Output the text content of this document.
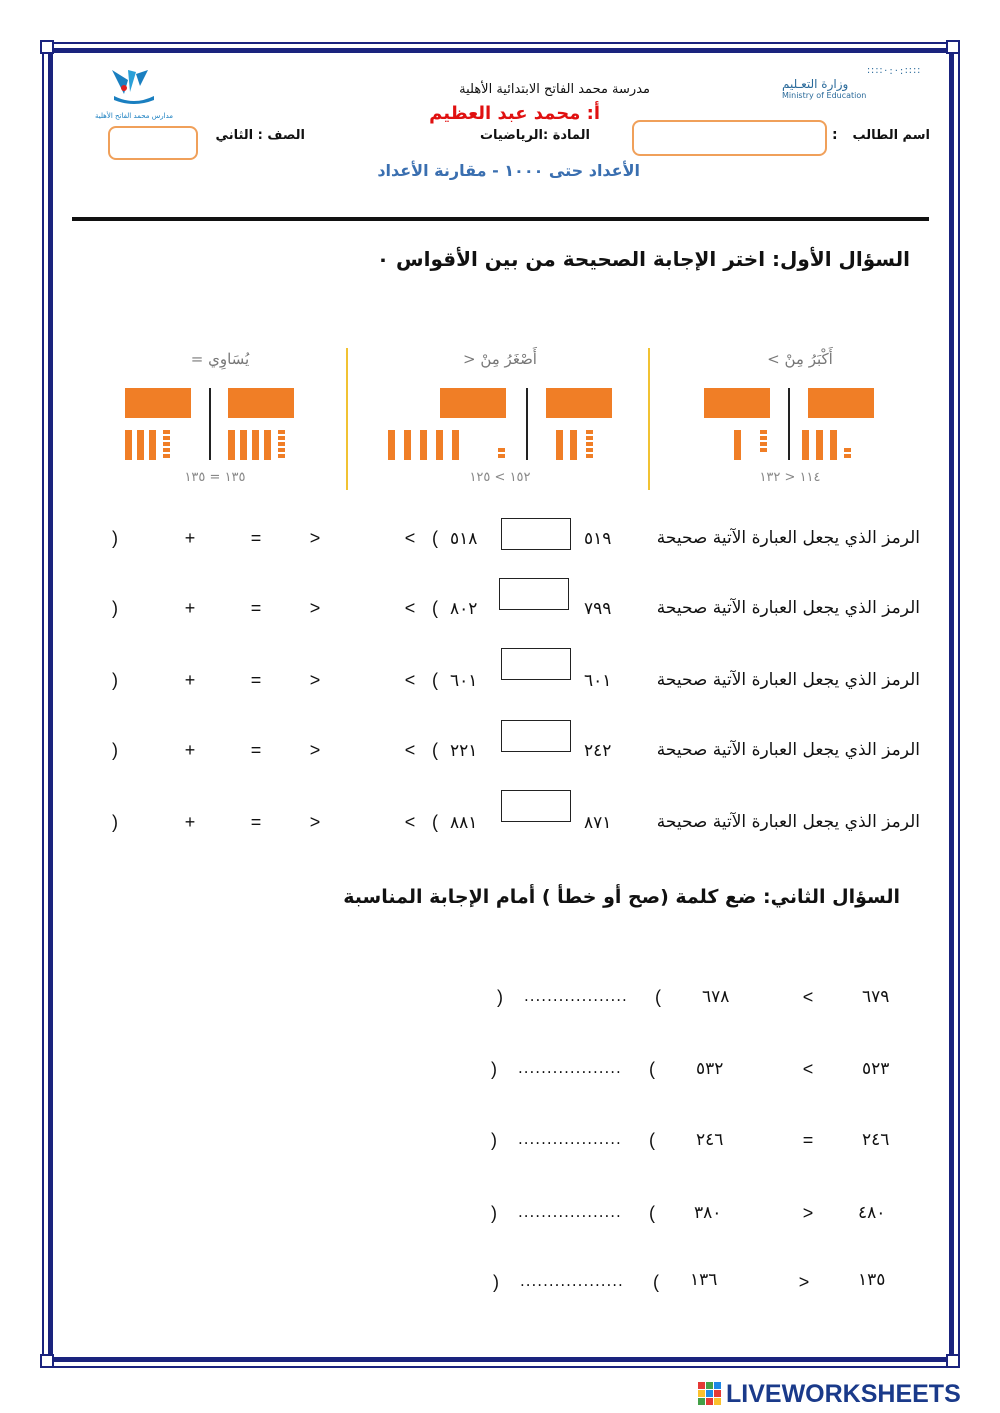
∷∷·:·:∷∷
وزارة التعـليم
Ministry of Education
مدارس محمد الفاتح الأهلية
مدرسة محمد الفاتح الابتدائية الأهلية
أ: محمد عبد العظيم
المادة :الرياضيات	اسم الطالب
:
الصف : الثاني
الأعداد حتى ١٠٠٠ - مقارنة الأعداد
السؤال الأول: اختر الإجابة الصحيحة من بين الأقواس ٠
يُسَاوِي =
١٣٥ = ١٣٥
أَصْغَرُ مِنْ <
١٥٢ > ١٢٥
أَكْبَرُ مِنْ >
١١٤ < ١٣٢
الرمز الذي يجعل العبارة الآتية صحيحة
٥١٩
٥١٨
(
<
>
=
+
)
الرمز الذي يجعل العبارة الآتية صحيحة
٧٩٩
٨٠٢
(
<
>
=
+
)
الرمز الذي يجعل العبارة الآتية صحيحة
٦٠١
٦٠١
(
<
>
=
+
)
الرمز الذي يجعل العبارة الآتية صحيحة
٢٤٢
٢٢١
(
<
>
=
+
)
الرمز الذي يجعل العبارة الآتية صحيحة
٨٧١
٨٨١
(
<
>
=
+
)
السؤال الثاني: ضع كلمة (صح أو خطأ ) أمام الإجابة المناسبة
٦٧٩
<
٦٧٨
(
..................
)
٥٢٣
<
٥٣٢
(
..................
)
٢٤٦
=
٢٤٦
(
..................
)
٤٨٠
>
٣٨٠
(
..................
)
١٣٥
>
١٣٦
(
..................
)
LIVEWORKSHEETS
